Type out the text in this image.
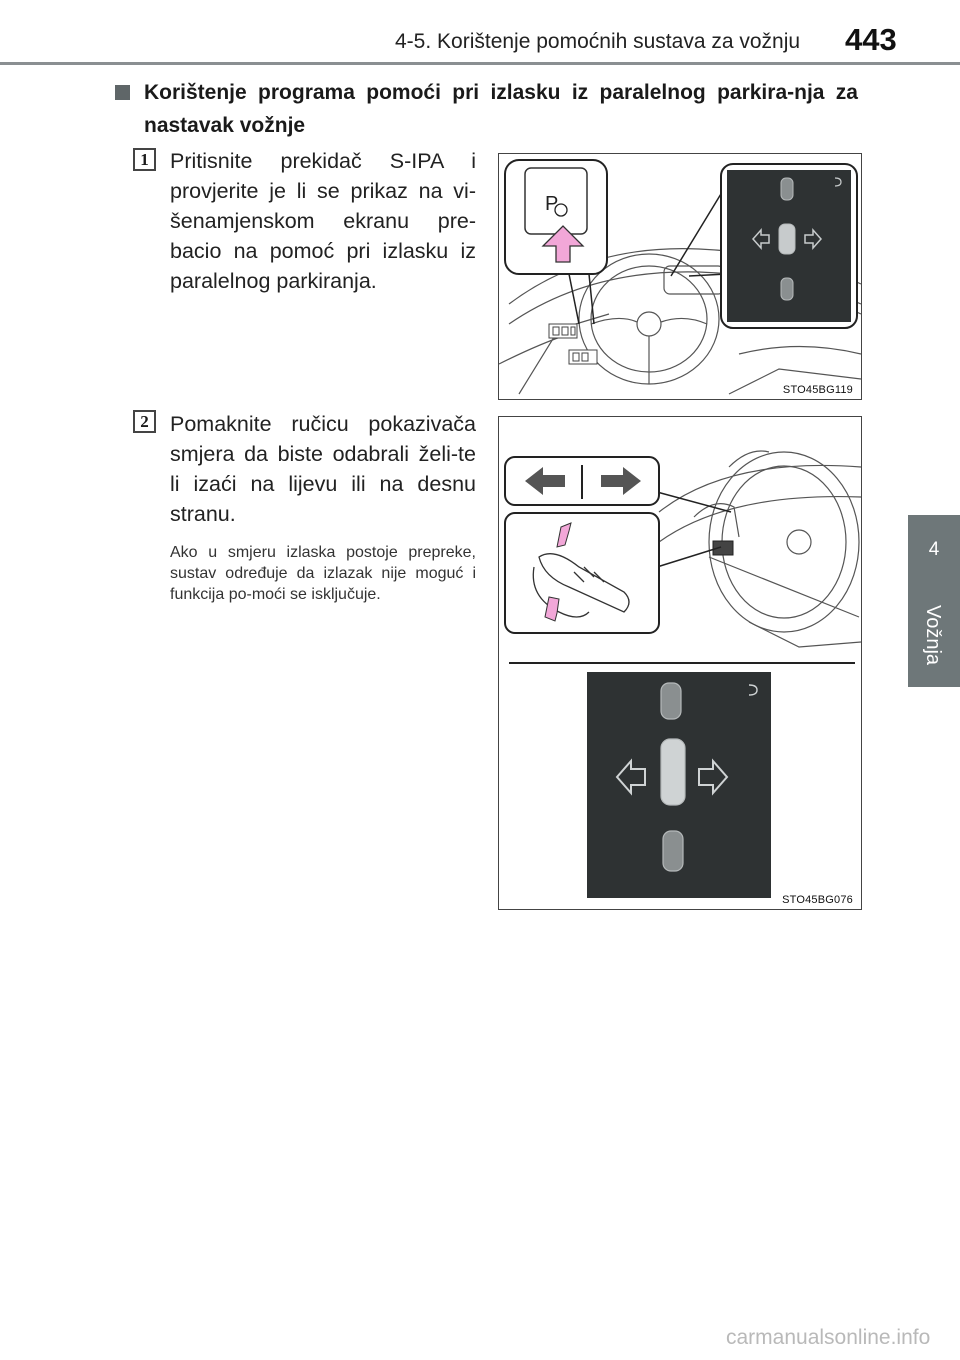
4-5. Korištenje pomoćnih sustava za vožnju 443
4
Vožnja
Korištenje programa pomoći pri izlasku iz paralelnog parkira-nja za nastavak vožnje
1 Pritisnite prekidač S-IPA i provjerite je li se prikaz na vi-šenamjenskom ekranu pre-bacio na pomoć pri izlasku iz paralelnog parkiranja.
P
STO45BG119
2 Pomaknite ručicu pokazivača smjera da biste odabrali želi-te li izaći na lijevu ili na desnu stranu.
Ako u smjeru izlaska postoje prepreke, sustav određuje da izlazak nije moguć i funkcija po-moći se isključuje.
STO45BG076
carmanualsonline.info
